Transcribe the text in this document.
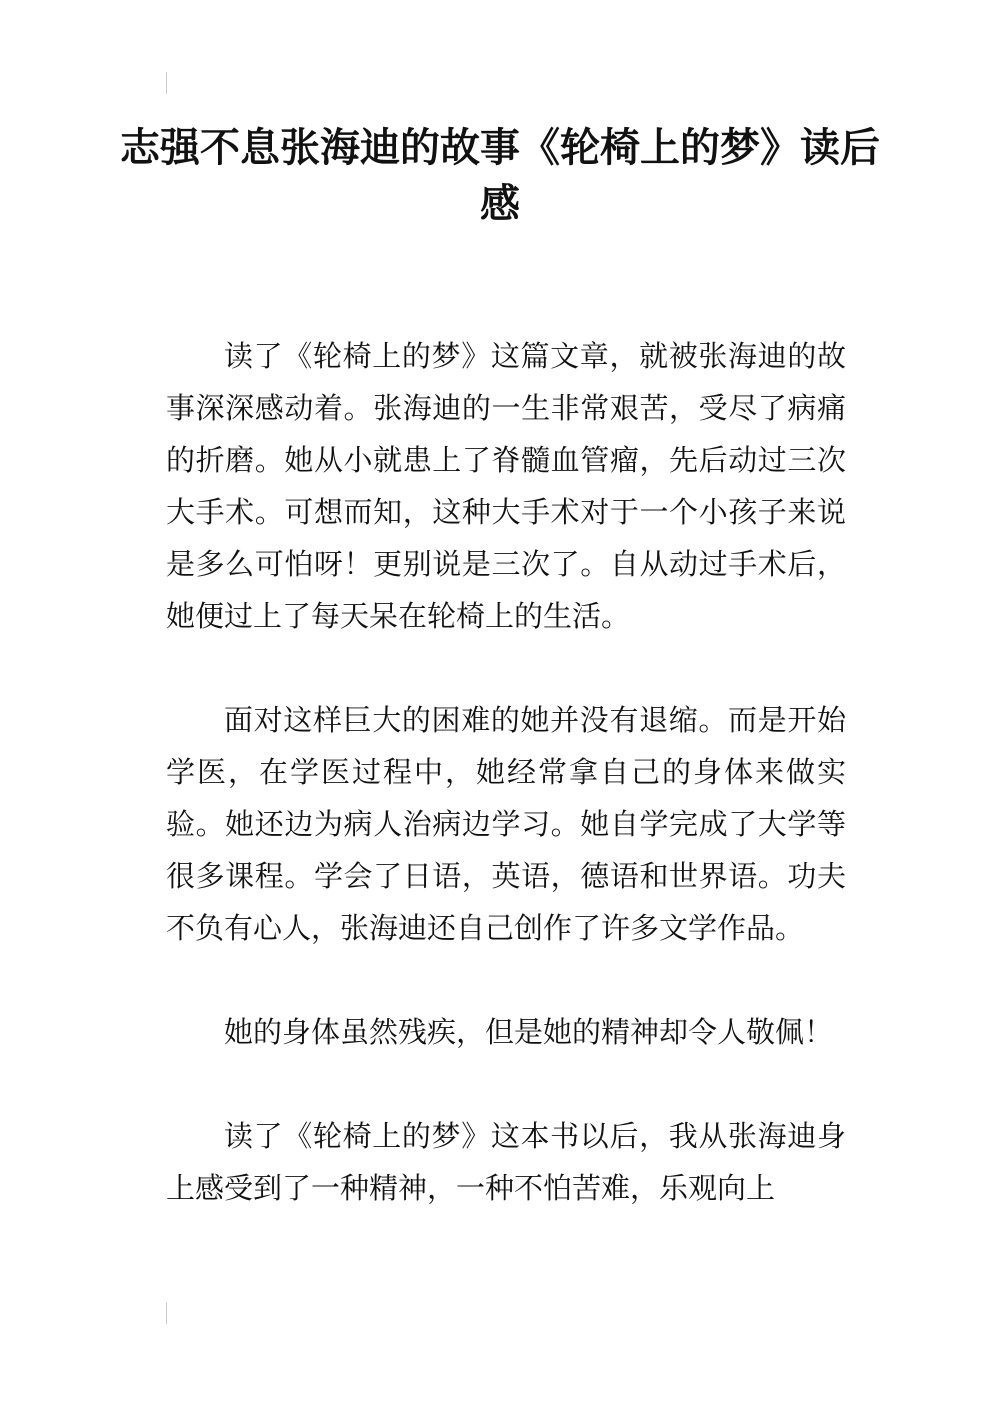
志强不息张海迪的故事《轮椅上的梦》读后感

读了《轮椅上的梦》这篇文章，就被张海迪的故事深深感动着。张海迪的一生非常艰苦，受尽了病痛的折磨。她从小就患上了脊髓血管瘤，先后动过三次大手术。可想而知，这种大手术对于一个小孩子来说是多么可怕呀！更别说是三次了。自从动过手术后，她便过上了每天呆在轮椅上的生活。

面对这样巨大的困难的她并没有退缩。而是开始学医，在学医过程中，她经常拿自己的身体来做实验。她还边为病人治病边学习。她自学完成了大学等很多课程。学会了日语，英语，德语和世界语。功夫不负有心人，张海迪还自己创作了许多文学作品。

她的身体虽然残疾，但是她的精神却令人敬佩！

读了《轮椅上的梦》这本书以后，我从张海迪身上感受到了一种精神，一种不怕苦难，乐观向上
